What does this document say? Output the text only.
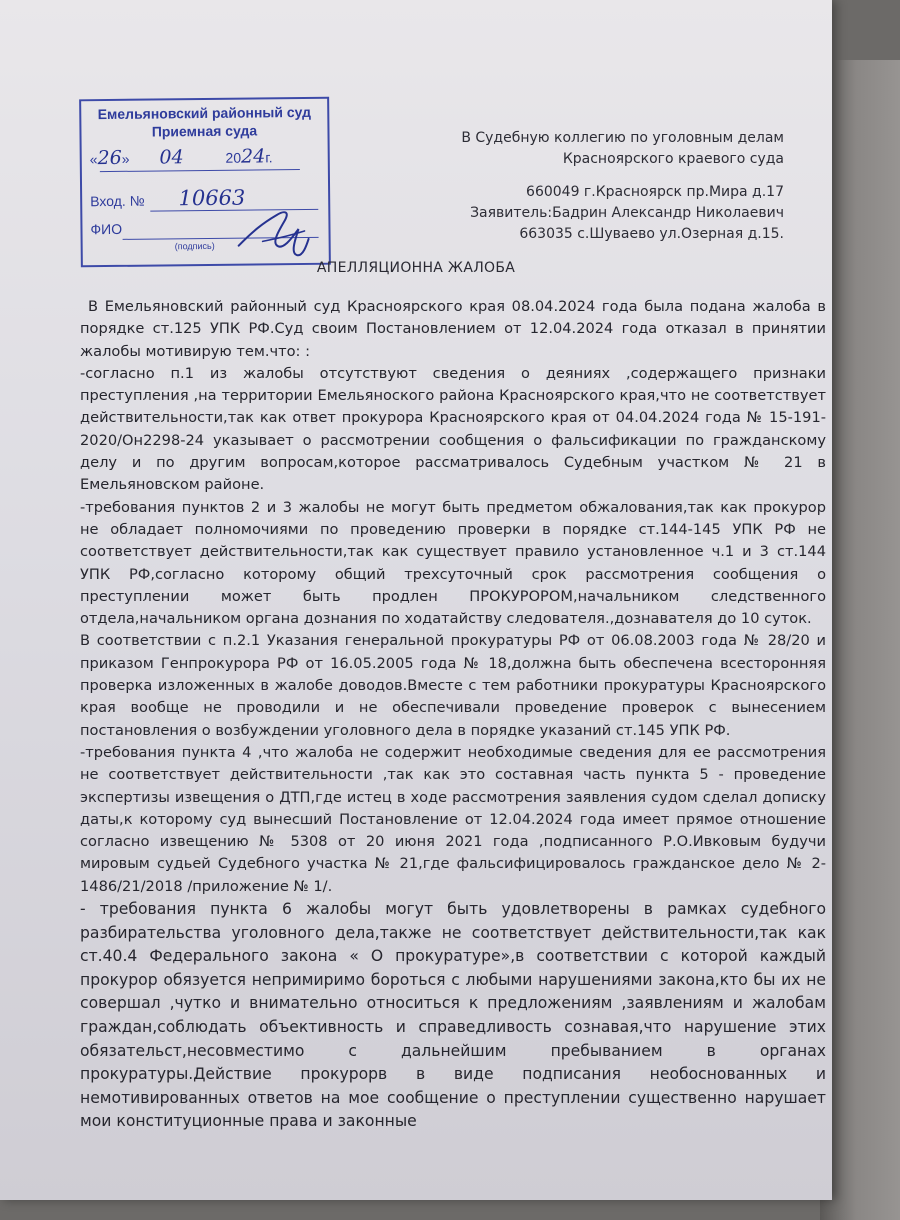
Емельяновский районный суд
Приемная суда
«26» 04	2024г.
Вход. № 10663
ФИО
(подпись)
В Судебную коллегию по уголовным делам
Красноярского краевого суда
660049 г.Красноярск пр.Мира д.17
Заявитель:Бадрин Александр Николаевич
663035 с.Шуваево ул.Озерная д.15.
АПЕЛЛЯЦИОННА ЖАЛОБА

В Емельяновский районный суд Красноярского края 08.04.2024 года была подана жалоба в порядке ст.125 УПК РФ.Суд своим Постановлением от 12.04.2024 года отказал в принятии жалобы мотивирую тем.что: :

-согласно п.1 из жалобы отсутствуют сведения о деяниях ,содержащего признаки преступления ,на территории Емельяноского района Красноярского края,что не соответствует действительности,так как ответ прокурора Красноярского края от 04.04.2024 года № 15-191-2020/Он2298-24 указывает о рассмотрении сообщения о фальсификации по гражданскому делу и по другим вопросам,которое рассматривалось Судебным участком № 21 в Емельяновском районе.

-требования пунктов 2 и 3 жалобы не могут быть предметом обжалования,так как прокурор не обладает полномочиями по проведению проверки в порядке ст.144-145 УПК РФ не соответствует действительности,так как существует правило установленное ч.1 и 3 ст.144 УПК РФ,согласно которому общий трехсуточный срок рассмотрения сообщения о преступлении может быть продлен ПРОКУРОРОМ,начальником следственного отдела,начальником органа дознания по ходатайству следователя.,дознавателя до 10 суток.

В соответствии с п.2.1 Указания генеральной прокуратуры РФ от 06.08.2003 года № 28/20 и приказом Генпрокурора РФ от 16.05.2005 года № 18,должна быть обеспечена всесторонняя проверка изложенных в жалобе доводов.Вместе с тем работники прокуратуры Красноярского края вообще не проводили и не обеспечивали проведение проверок с вынесением постановления о возбуждении уголовного дела в порядке указаний ст.145 УПК РФ.

-требования пункта 4 ,что жалоба не содержит необходимые сведения для ее рассмотрения не соответствует действительности ,так как это составная часть пункта 5 - проведение экспертизы извещения о ДТП,где истец в ходе рассмотрения заявления судом сделал дописку даты,к которому суд вынесший Постановление от 12.04.2024 года имеет прямое отношение согласно извещению № 5308 от 20 июня 2021 года ,подписанного Р.О.Ивковым будучи мировым судьей Судебного участка № 21,где фальсифицировалось гражданское дело № 2-1486/21/2018 /приложение № 1/.

- требования пункта 6 жалобы могут быть удовлетворены в рамках судебного разбирательства уголовного дела,также не соответствует действительности,так как ст.40.4 Федерального закона « О прокуратуре»,в соответствии с которой каждый прокурор обязуется непримиримо бороться с любыми нарушениями закона,кто бы их не совершал ,чутко и внимательно относиться к предложениям ,заявлениям и жалобам граждан,соблюдать объективность и справедливость сознавая,что нарушение этих обязательст,несовместимо с дальнейшим пребыванием в органах прокуратуры.Действие прокурорв в виде подписания необоснованных и немотивированных ответов на мое сообщение о преступлении существенно нарушает мои конституционные права и законные
